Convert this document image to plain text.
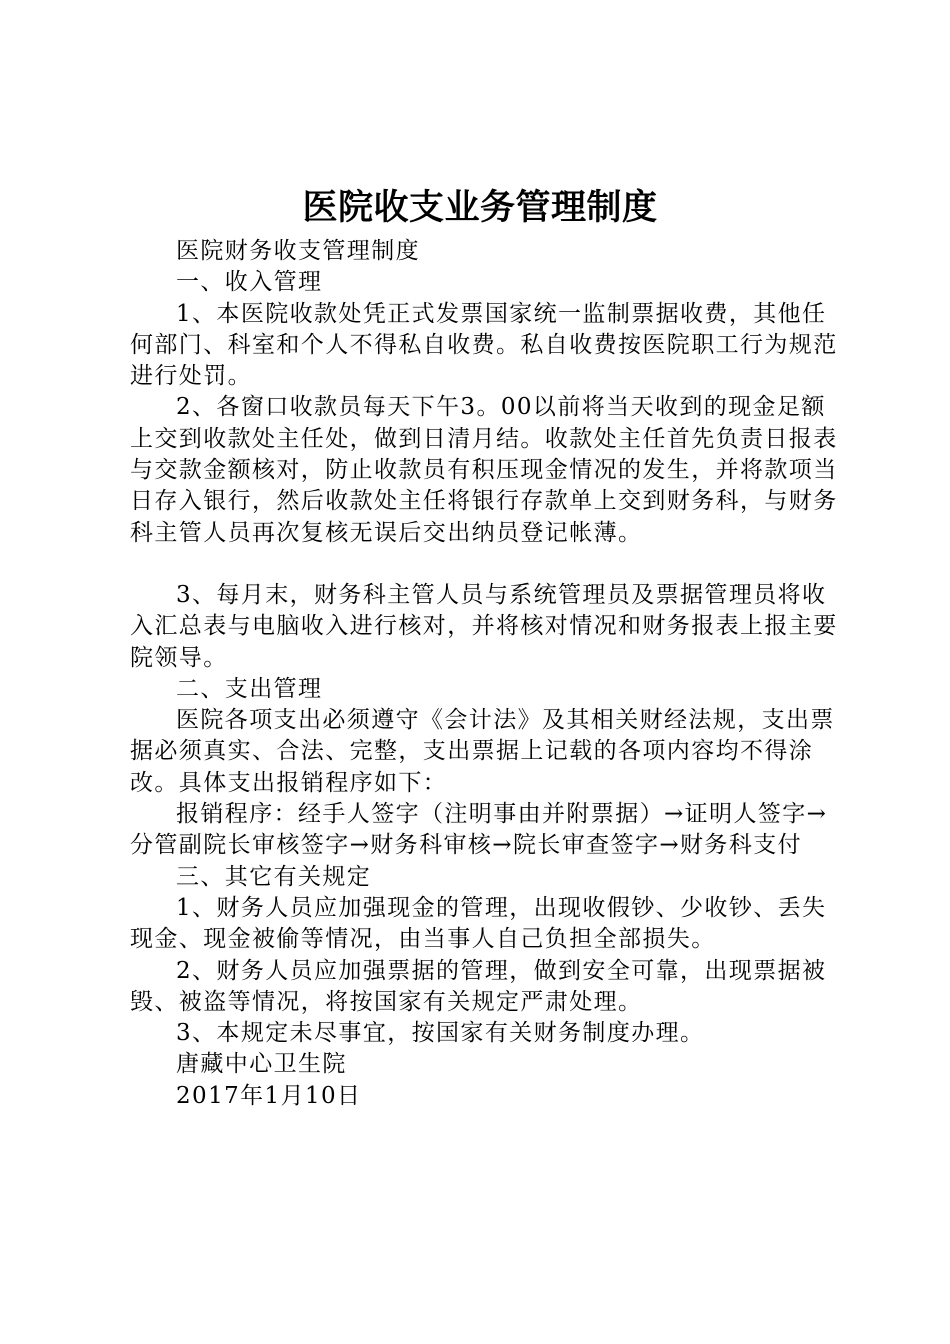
医院收支业务管理制度

医院财务收支管理制度

一、收入管理

1、本医院收款处凭正式发票国家统一监制票据收费，其他任何部门、科室和个人不得私自收费。私自收费按医院职工行为规范进行处罚。

2、各窗口收款员每天下午3。00以前将当天收到的现金足额上交到收款处主任处，做到日清月结。收款处主任首先负责日报表与交款金额核对，防止收款员有积压现金情况的发生，并将款项当日存入银行，然后收款处主任将银行存款单上交到财务科，与财务科主管人员再次复核无误后交出纳员登记帐薄。

3、每月末，财务科主管人员与系统管理员及票据管理员将收入汇总表与电脑收入进行核对，并将核对情况和财务报表上报主要院领导。

二、支出管理

医院各项支出必须遵守《会计法》及其相关财经法规，支出票据必须真实、合法、完整，支出票据上记载的各项内容均不得涂改。具体支出报销程序如下：

报销程序：经手人签字（注明事由并附票据）→证明人签字→分管副院长审核签字→财务科审核→院长审查签字→财务科支付

三、其它有关规定

1、财务人员应加强现金的管理，出现收假钞、少收钞、丢失现金、现金被偷等情况，由当事人自己负担全部损失。

2、财务人员应加强票据的管理，做到安全可靠，出现票据被毁、被盗等情况，将按国家有关规定严肃处理。

3、本规定未尽事宜，按国家有关财务制度办理。

唐藏中心卫生院

2017年1月10日
